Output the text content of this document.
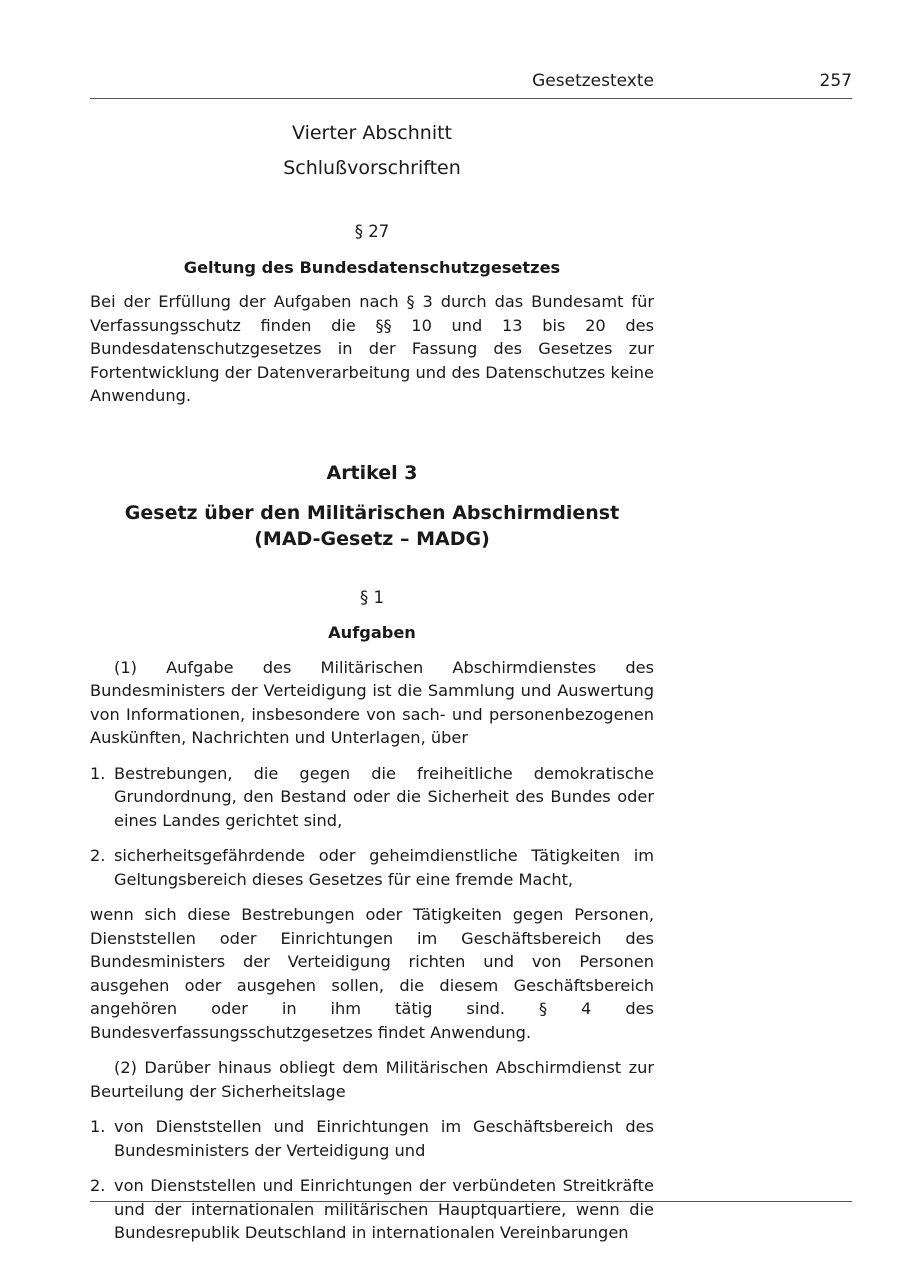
Gesetzestexte	257

Vierter Abschnitt

Schlußvorschriften

§ 27

Geltung des Bundesdatenschutzgesetzes

Bei der Erfüllung der Aufgaben nach § 3 durch das Bundesamt für Verfassungsschutz finden die §§ 10 und 13 bis 20 des Bundesdatenschutzgesetzes in der Fassung des Gesetzes zur Fortentwicklung der Datenverarbeitung und des Datenschutzes keine Anwendung.

Artikel 3

Gesetz über den Militärischen Abschirmdienst

(MAD-Gesetz – MADG)

§ 1

Aufgaben

(1) Aufgabe des Militärischen Abschirmdienstes des Bundesministers der Verteidigung ist die Sammlung und Auswertung von Informationen, insbesondere von sach- und personenbezogenen Auskünften, Nachrichten und Unterlagen, über

1. Bestrebungen, die gegen die freiheitliche demokratische Grundordnung, den Bestand oder die Sicherheit des Bundes oder eines Landes gerichtet sind,
2. sicherheitsgefährdende oder geheimdienstliche Tätigkeiten im Geltungsbereich dieses Gesetzes für eine fremde Macht,

wenn sich diese Bestrebungen oder Tätigkeiten gegen Personen, Dienststellen oder Einrichtungen im Geschäftsbereich des Bundesministers der Verteidigung richten und von Personen ausgehen oder ausgehen sollen, die diesem Geschäftsbereich angehören oder in ihm tätig sind. § 4 des Bundesverfassungsschutzgesetzes findet Anwendung.

(2) Darüber hinaus obliegt dem Militärischen Abschirmdienst zur Beurteilung der Sicherheitslage

1. von Dienststellen und Einrichtungen im Geschäftsbereich des Bundesministers der Verteidigung und
2. von Dienststellen und Einrichtungen der verbündeten Streitkräfte und der internationalen militärischen Hauptquartiere, wenn die Bundesrepublik Deutschland in internationalen Vereinbarungen
